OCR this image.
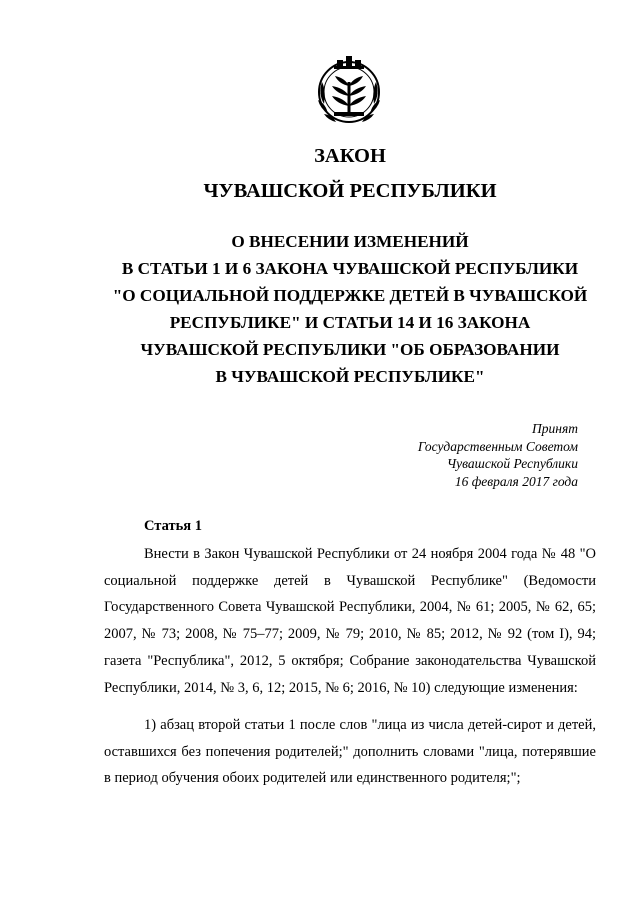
ЗАКОН
ЧУВАШСКОЙ РЕСПУБЛИКИ
О ВНЕСЕНИИ ИЗМЕНЕНИЙ
В СТАТЬИ 1 И 6 ЗАКОНА ЧУВАШСКОЙ РЕСПУБЛИКИ
"О СОЦИАЛЬНОЙ ПОДДЕРЖКЕ ДЕТЕЙ В ЧУВАШСКОЙ
РЕСПУБЛИКЕ" И СТАТЬИ 14 И 16 ЗАКОНА
ЧУВАШСКОЙ РЕСПУБЛИКИ "ОБ ОБРАЗОВАНИИ
В ЧУВАШСКОЙ РЕСПУБЛИКЕ"
Принят
Государственным Советом
Чувашской Республики
16 февраля 2017 года
Статья 1

Внести в Закон Чувашской Республики от 24 ноября 2004 года № 48 "О социальной поддержке детей в Чувашской Республике" (Ведомости Государственного Совета Чувашской Республики, 2004, № 61; 2005, № 62, 65; 2007, № 73; 2008, № 75–77; 2009, № 79; 2010, № 85; 2012, № 92 (том I), 94; газета "Республика", 2012, 5 октября; Собрание законодательства Чувашской Республики, 2014, № 3, 6, 12; 2015, № 6; 2016, № 10) следующие изменения:

1) абзац второй статьи 1 после слов "лица из числа детей-сирот и детей, оставшихся без попечения родителей;" дополнить словами "лица, потерявшие в период обучения обоих родителей или единственного родителя;";
